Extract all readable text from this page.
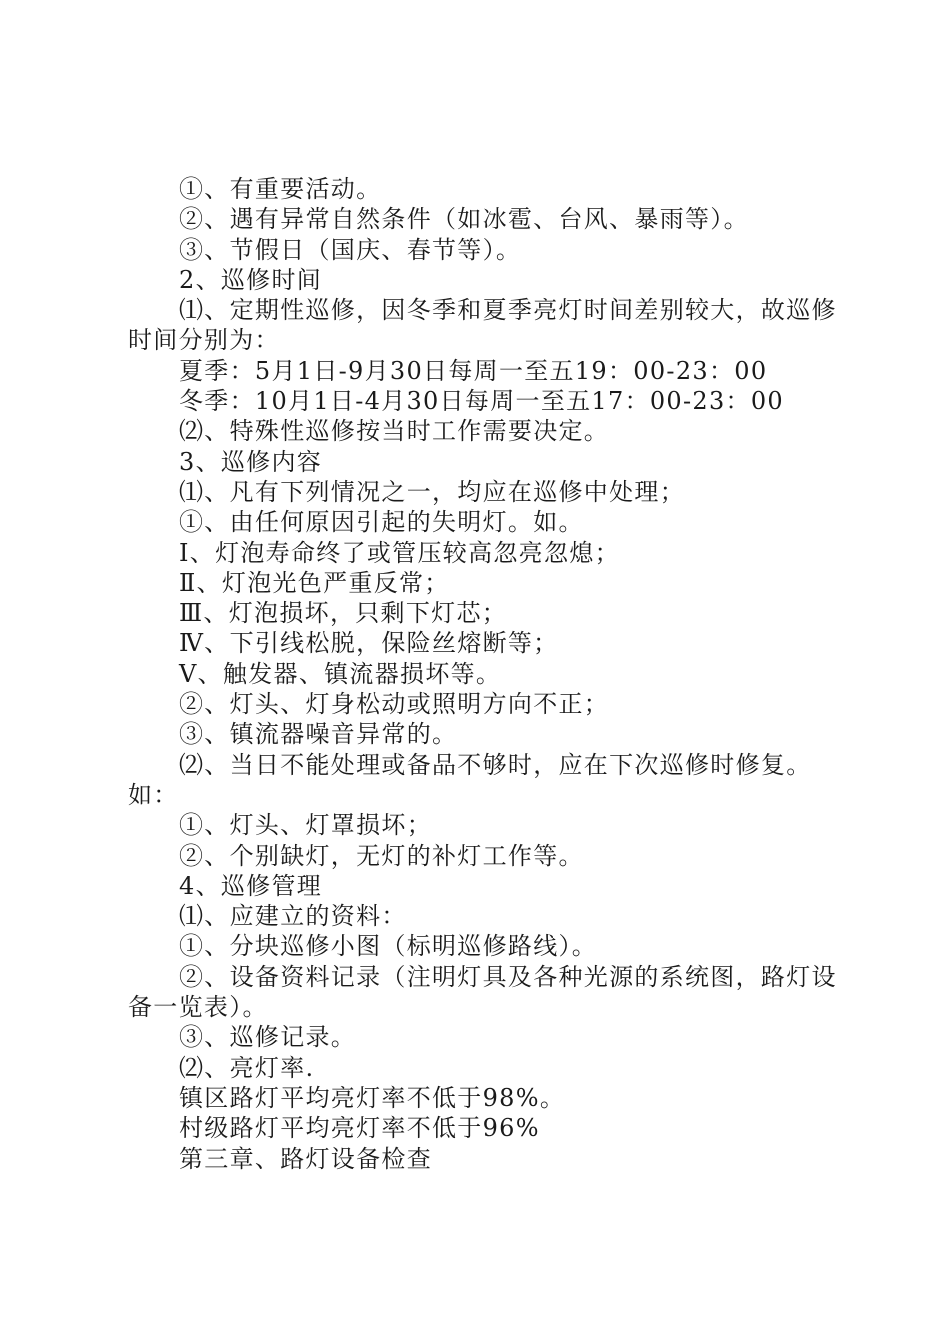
①、有重要活动。

②、遇有异常自然条件（如冰雹、台风、暴雨等）。

③、节假日（国庆、春节等）。

2、巡修时间

⑴、定期性巡修，因冬季和夏季亮灯时间差别较大，故巡修时间分别为：

夏季：5月1日-9月30日每周一至五19：00-23：00

冬季：10月1日-4月30日每周一至五17：00-23：00

⑵、特殊性巡修按当时工作需要决定。

3、巡修内容

⑴、凡有下列情况之一，均应在巡修中处理；

①、由任何原因引起的失明灯。如。

Ⅰ、灯泡寿命终了或管压较高忽亮忽熄；

Ⅱ、灯泡光色严重反常；

Ⅲ、灯泡损坏，只剩下灯芯；

Ⅳ、下引线松脱，保险丝熔断等；

Ⅴ、触发器、镇流器损坏等。

②、灯头、灯身松动或照明方向不正；

③、镇流器噪音异常的。

⑵、当日不能处理或备品不够时，应在下次巡修时修复。如：

①、灯头、灯罩损坏；

②、个别缺灯，无灯的补灯工作等。

4、巡修管理

⑴、应建立的资料：

①、分块巡修小图（标明巡修路线）。

②、设备资料记录（注明灯具及各种光源的系统图，路灯设备一览表）。

③、巡修记录。

⑵、亮灯率.

镇区路灯平均亮灯率不低于98%。

村级路灯平均亮灯率不低于96%

第三章、路灯设备检查
